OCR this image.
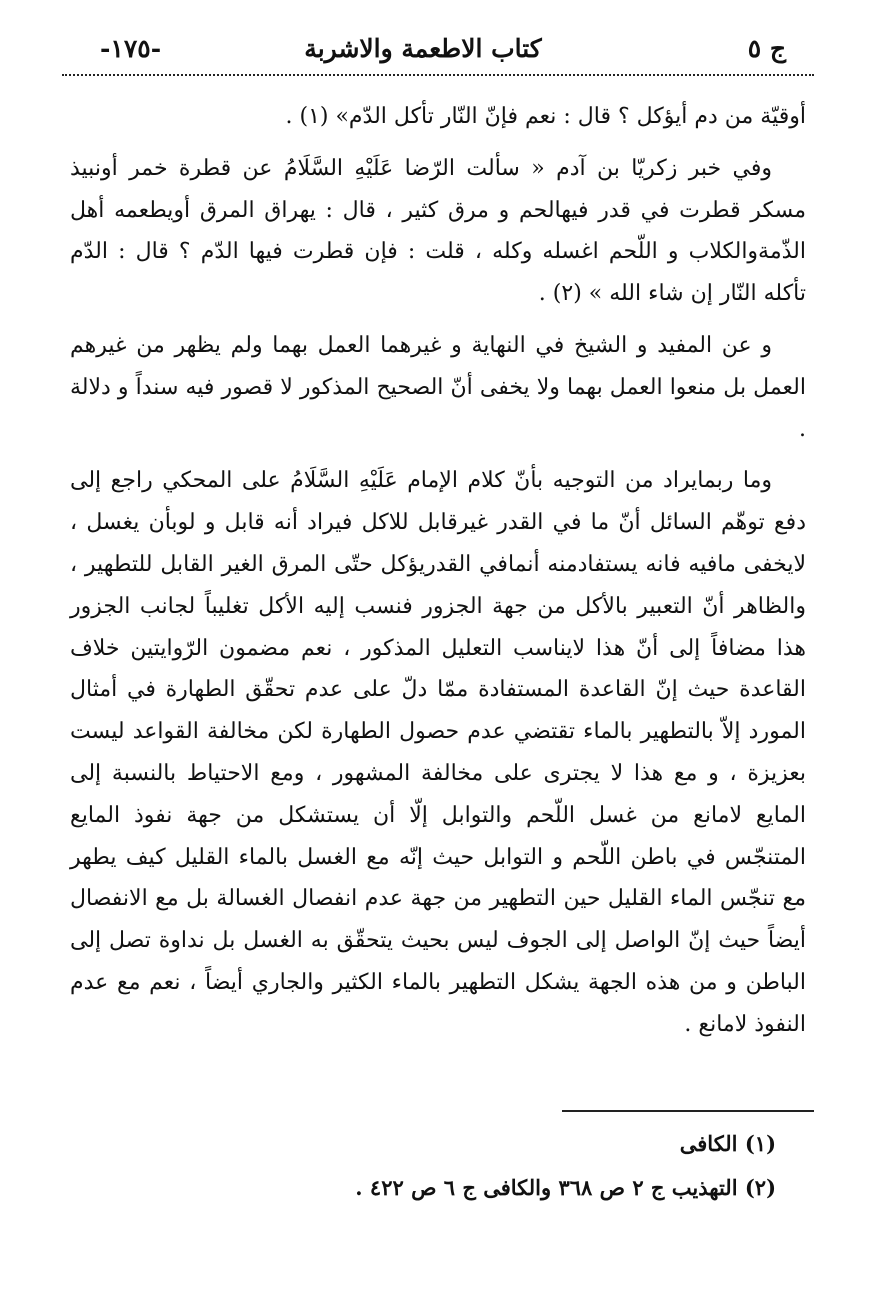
ج ٥
كتاب الاطعمة والاشربة
-١٧٥-

أوقيّة من دم أيؤكل ؟ قال : نعم فإنّ النّار تأكل الدّم» (١) .

وفي خبر زكريّا بن آدم « سألت الرّضا عَلَيْهِ السَّلَامُ عن قطرة خمر أونبيذ مسكر قطرت في قدر فيهالحم و مرق كثير ، قال : يهراق المرق أويطعمه أهل الذّمةوالكلاب و اللّحم اغسله وكله ، قلت : فإن قطرت فيها الدّم ؟ قال : الدّم تأكله النّار إن شاء الله » (٢) .

و عن المفيد و الشيخ في النهاية و غيرهما العمل بهما ولم يظهر من غيرهم العمل بل منعوا العمل بهما ولا يخفى أنّ الصحيح المذكور لا قصور فيه سنداً و دلالة .

وما ربمايراد من التوجيه بأنّ كلام الإمام عَلَيْهِ السَّلَامُ على المحكي راجع إلى دفع توهّم السائل أنّ ما في القدر غيرقابل للاكل فيراد أنه قابل و لوبأن يغسل ، لايخفى مافيه فانه يستفادمنه أنمافي القدريؤكل حتّى المرق الغير القابل للتطهير ، والظاهر أنّ التعبير بالأكل من جهة الجزور فنسب إليه الأكل تغليباً لجانب الجزور هذا مضافاً إلى أنّ هذا لايناسب التعليل المذكور ، نعم مضمون الرّوايتين خلاف القاعدة حيث إنّ القاعدة المستفادة ممّا دلّ على عدم تحقّق الطهارة في أمثال المورد إلاّ بالتطهير بالماء تقتضي عدم حصول الطهارة لكن مخالفة القواعد ليست بعزيزة ، و مع هذا لا يجترى على مخالفة المشهور ، ومع الاحتياط بالنسبة إلى المايع لامانع من غسل اللّحم والتوابل إلّا أن يستشكل من جهة نفوذ المايع المتنجّس في باطن اللّحم و التوابل حيث إنّه مع الغسل بالماء القليل كيف يطهر مع تنجّس الماء القليل حين التطهير من جهة عدم انفصال الغسالة بل مع الانفصال أيضاً حيث إنّ الواصل إلى الجوف ليس بحيث يتحقّق به الغسل بل نداوة تصل إلى الباطن و من هذه الجهة يشكل التطهير بالماء الكثير والجاري أيضاً ، نعم مع عدم النفوذ لامانع .

(١) الكافى
(٢) التهذيب ج ٢ ص ٣٦٨ والكافى ج ٦ ص ٤٢٢ .
